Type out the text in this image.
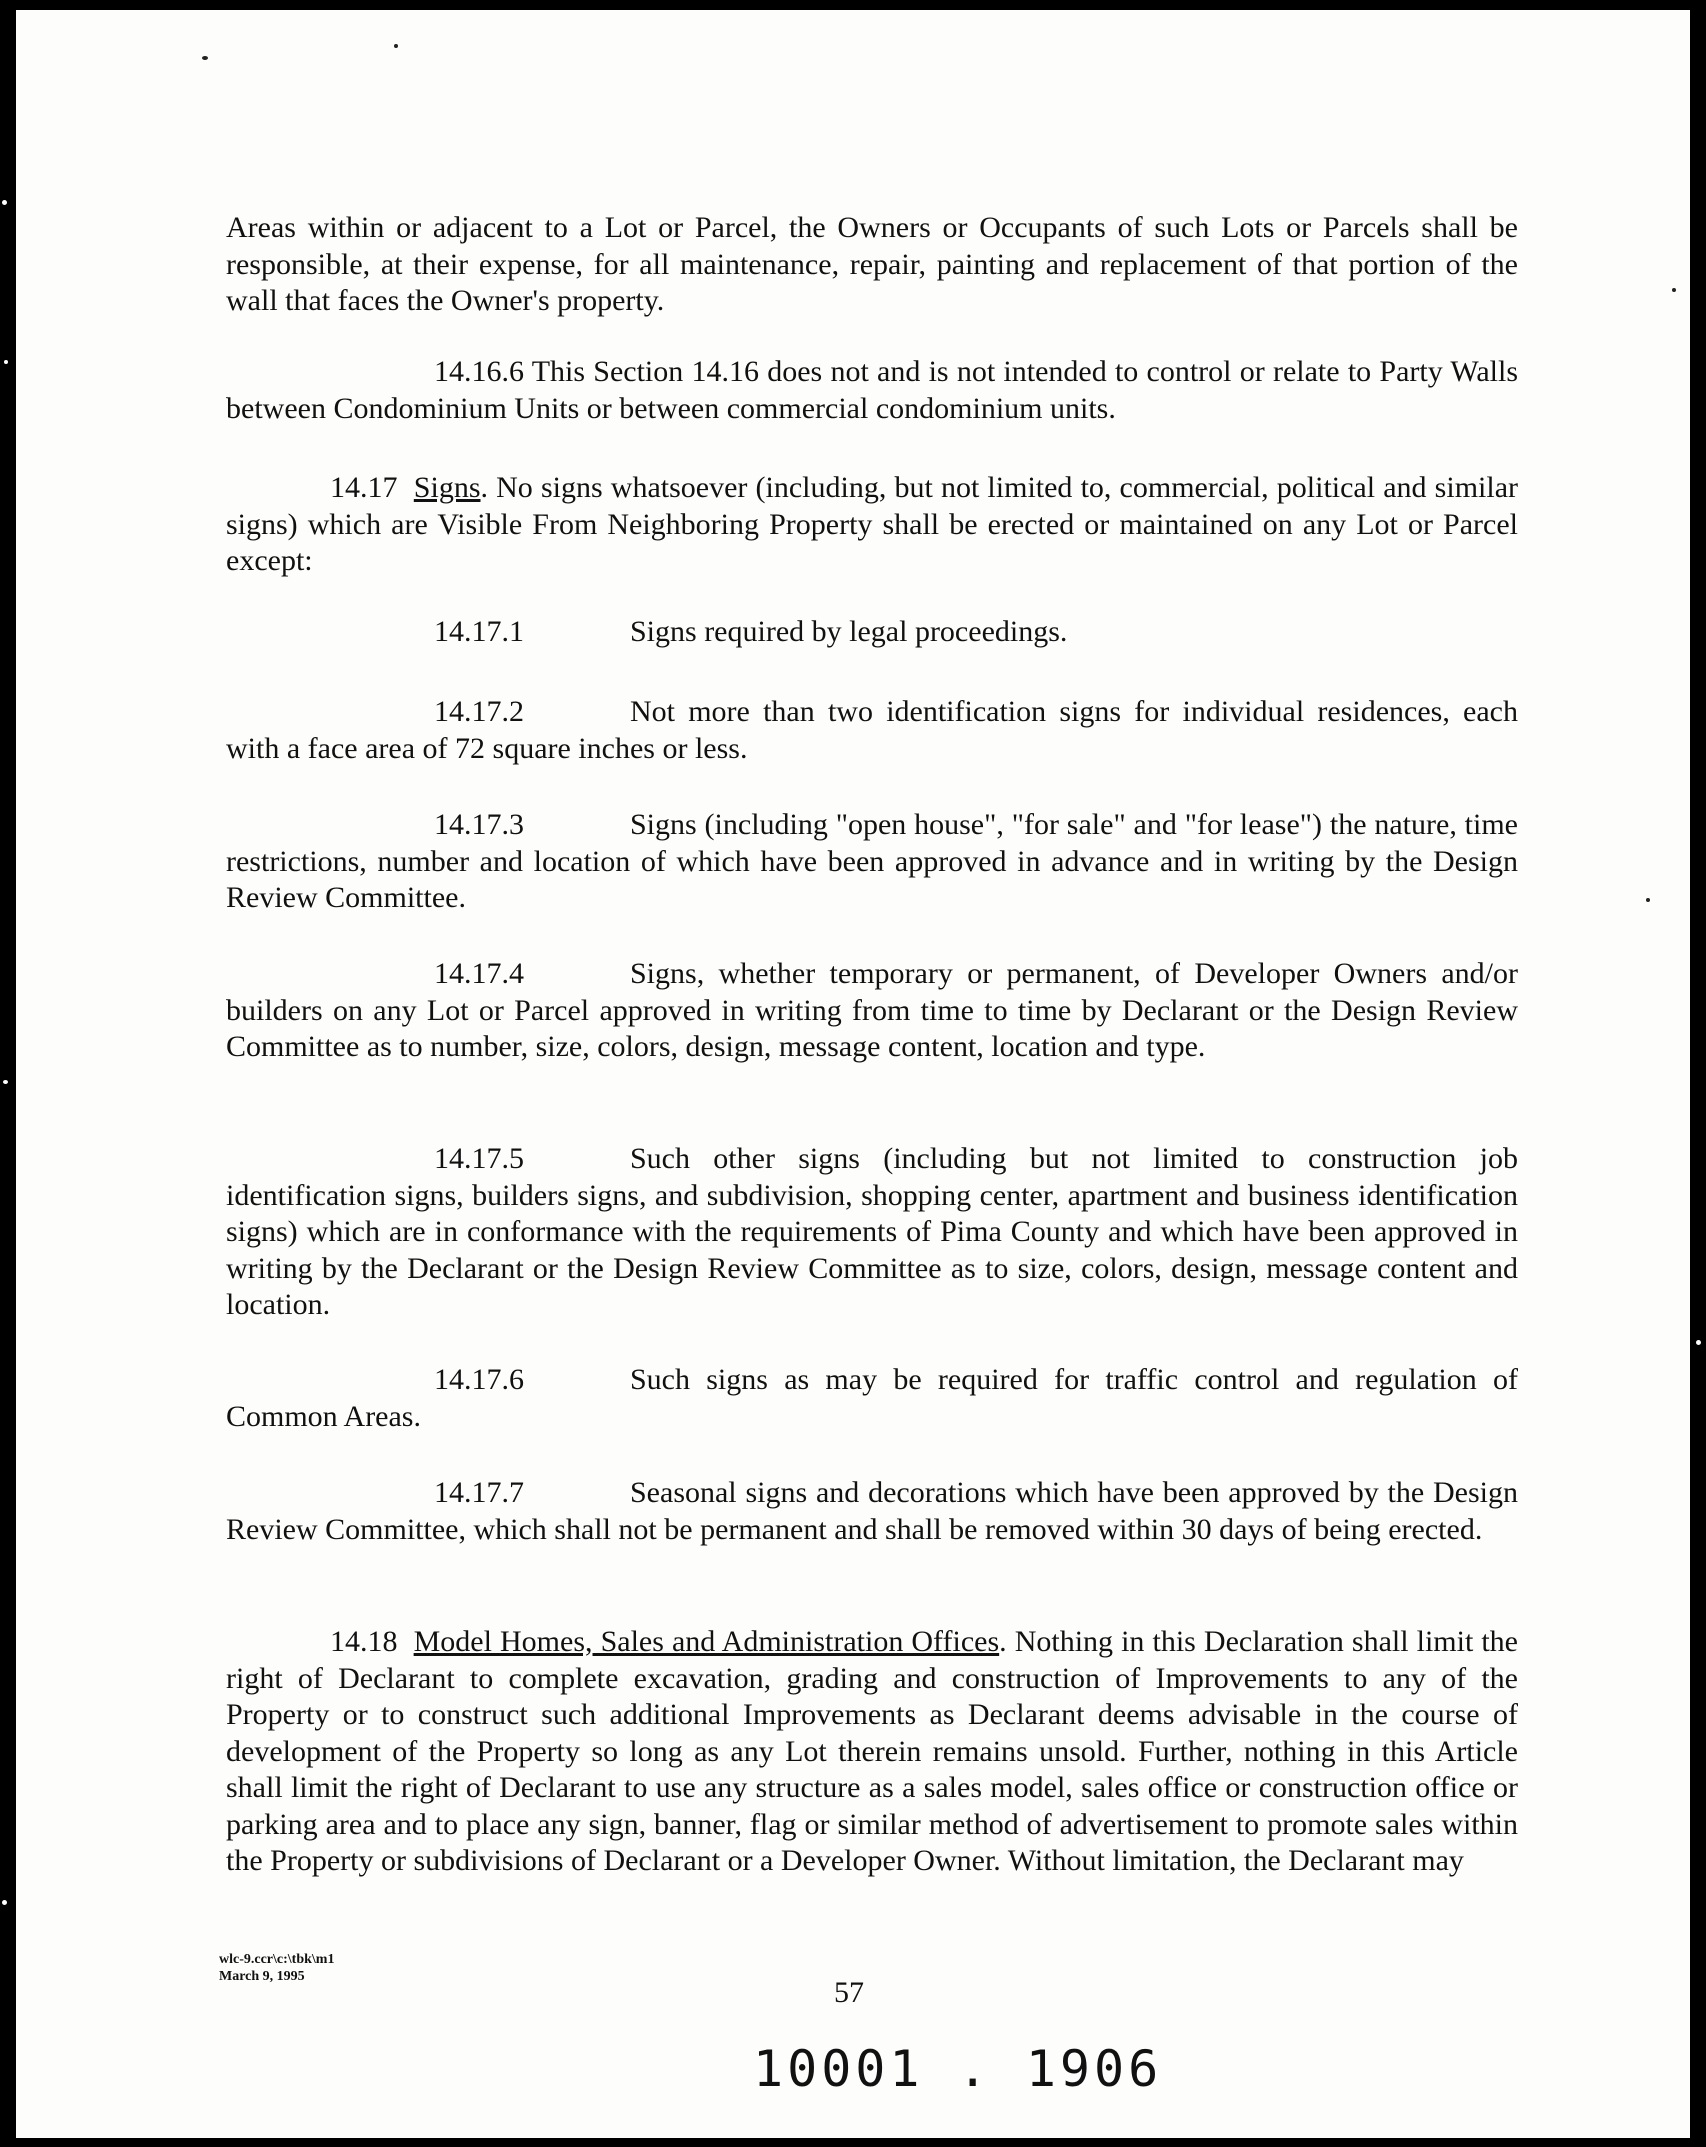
Areas within or adjacent to a Lot or Parcel, the Owners or Occupants of such Lots or Parcels shall be responsible, at their expense, for all maintenance, repair, painting and replacement of that portion of the wall that faces the Owner's property.

14.16.6 This Section 14.16 does not and is not intended to control or relate to Party Walls between Condominium Units or between commercial condominium units.

14.17 Signs. No signs whatsoever (including, but not limited to, commercial, political and similar signs) which are Visible From Neighboring Property shall be erected or maintained on any Lot or Parcel except:

14.17.1	Signs required by legal proceedings.

14.17.2	Not more than two identification signs for individual residences, each with a face area of 72 square inches or less.

14.17.3	Signs (including "open house", "for sale" and "for lease") the nature, time restrictions, number and location of which have been approved in advance and in writing by the Design Review Committee.

14.17.4	Signs, whether temporary or permanent, of Developer Owners and/or builders on any Lot or Parcel approved in writing from time to time by Declarant or the Design Review Committee as to number, size, colors, design, message content, location and type.

14.17.5	Such other signs (including but not limited to construction job identification signs, builders signs, and subdivision, shopping center, apartment and business identification signs) which are in conformance with the requirements of Pima County and which have been approved in writing by the Declarant or the Design Review Committee as to size, colors, design, message content and location.

14.17.6	Such signs as may be required for traffic control and regulation of Common Areas.

14.17.7	Seasonal signs and decorations which have been approved by the Design Review Committee, which shall not be permanent and shall be removed within 30 days of being erected.

14.18 Model Homes, Sales and Administration Offices. Nothing in this Declaration shall limit the right of Declarant to complete excavation, grading and construction of Improvements to any of the Property or to construct such additional Improvements as Declarant deems advisable in the course of development of the Property so long as any Lot therein remains unsold. Further, nothing in this Article shall limit the right of Declarant to use any structure as a sales model, sales office or construction office or parking area and to place any sign, banner, flag or similar method of advertisement to promote sales within the Property or subdivisions of Declarant or a Developer Owner. Without limitation, the Declarant may

wlc-9.ccr\c:\tbk\m1
March 9, 1995	57
10001 . 1906
